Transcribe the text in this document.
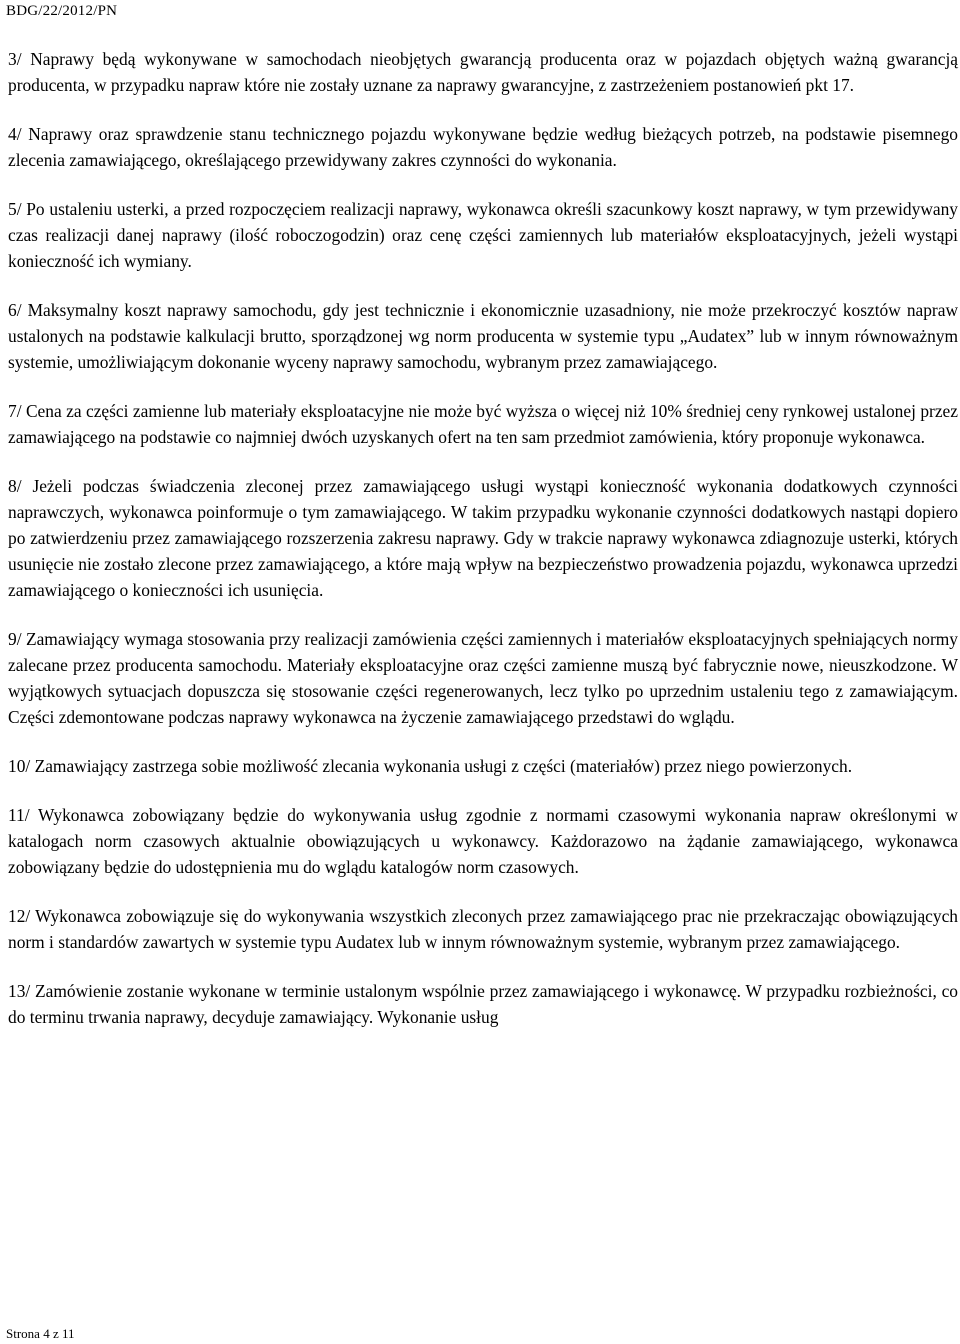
BDG/22/2012/PN

3/ Naprawy będą wykonywane w samochodach nieobjętych gwarancją producenta oraz w pojazdach objętych ważną gwarancją producenta, w przypadku napraw które nie zostały uznane za naprawy gwarancyjne, z zastrzeżeniem postanowień pkt 17.

4/ Naprawy oraz sprawdzenie stanu technicznego pojazdu wykonywane będzie według bieżących potrzeb, na podstawie pisemnego zlecenia zamawiającego, określającego przewidywany zakres czynności do wykonania.

5/ Po ustaleniu usterki, a przed rozpoczęciem realizacji naprawy, wykonawca określi szacunkowy koszt naprawy, w tym przewidywany czas realizacji danej naprawy (ilość roboczogodzin) oraz cenę części zamiennych lub materiałów eksploatacyjnych, jeżeli wystąpi konieczność ich wymiany.

6/ Maksymalny koszt naprawy samochodu, gdy jest technicznie i ekonomicznie uzasadniony, nie może przekroczyć kosztów napraw ustalonych na podstawie kalkulacji brutto, sporządzonej wg norm producenta w systemie typu „Audatex” lub w innym równoważnym systemie, umożliwiającym dokonanie wyceny naprawy samochodu, wybranym przez zamawiającego.

7/ Cena za części zamienne lub materiały eksploatacyjne nie może być wyższa o więcej niż 10% średniej ceny rynkowej ustalonej przez zamawiającego na podstawie co najmniej dwóch uzyskanych ofert na ten sam przedmiot zamówienia, który proponuje wykonawca.

8/ Jeżeli podczas świadczenia zleconej przez zamawiającego usługi wystąpi konieczność wykonania dodatkowych czynności naprawczych, wykonawca poinformuje o tym zamawiającego. W takim przypadku wykonanie czynności dodatkowych nastąpi dopiero po zatwierdzeniu przez zamawiającego rozszerzenia zakresu naprawy. Gdy w trakcie naprawy wykonawca zdiagnozuje usterki, których usunięcie nie zostało zlecone przez zamawiającego, a które mają wpływ na bezpieczeństwo prowadzenia pojazdu, wykonawca uprzedzi zamawiającego o konieczności ich usunięcia.

9/ Zamawiający wymaga stosowania przy realizacji zamówienia części zamiennych i materiałów eksploatacyjnych spełniających normy zalecane przez producenta samochodu. Materiały eksploatacyjne oraz części zamienne muszą być fabrycznie nowe, nieuszkodzone. W wyjątkowych sytuacjach dopuszcza się stosowanie części regenerowanych, lecz tylko po uprzednim ustaleniu tego z zamawiającym. Części zdemontowane podczas naprawy wykonawca na życzenie zamawiającego przedstawi do wglądu.

10/ Zamawiający zastrzega sobie możliwość zlecania wykonania usługi z części (materiałów) przez niego powierzonych.

11/ Wykonawca zobowiązany będzie do wykonywania usług zgodnie z normami czasowymi wykonania napraw określonymi w katalogach norm czasowych aktualnie obowiązujących u wykonawcy. Każdorazowo na żądanie zamawiającego, wykonawca zobowiązany będzie do udostępnienia mu do wglądu katalogów norm czasowych.

12/ Wykonawca zobowiązuje się do wykonywania wszystkich zleconych przez zamawiającego prac nie przekraczając obowiązujących norm i standardów zawartych w systemie typu Audatex lub w innym równoważnym systemie, wybranym przez zamawiającego.

13/ Zamówienie zostanie wykonane w terminie ustalonym wspólnie przez zamawiającego i wykonawcę. W przypadku rozbieżności, co do terminu trwania naprawy, decyduje zamawiający. Wykonanie usług

Strona 4 z 11
